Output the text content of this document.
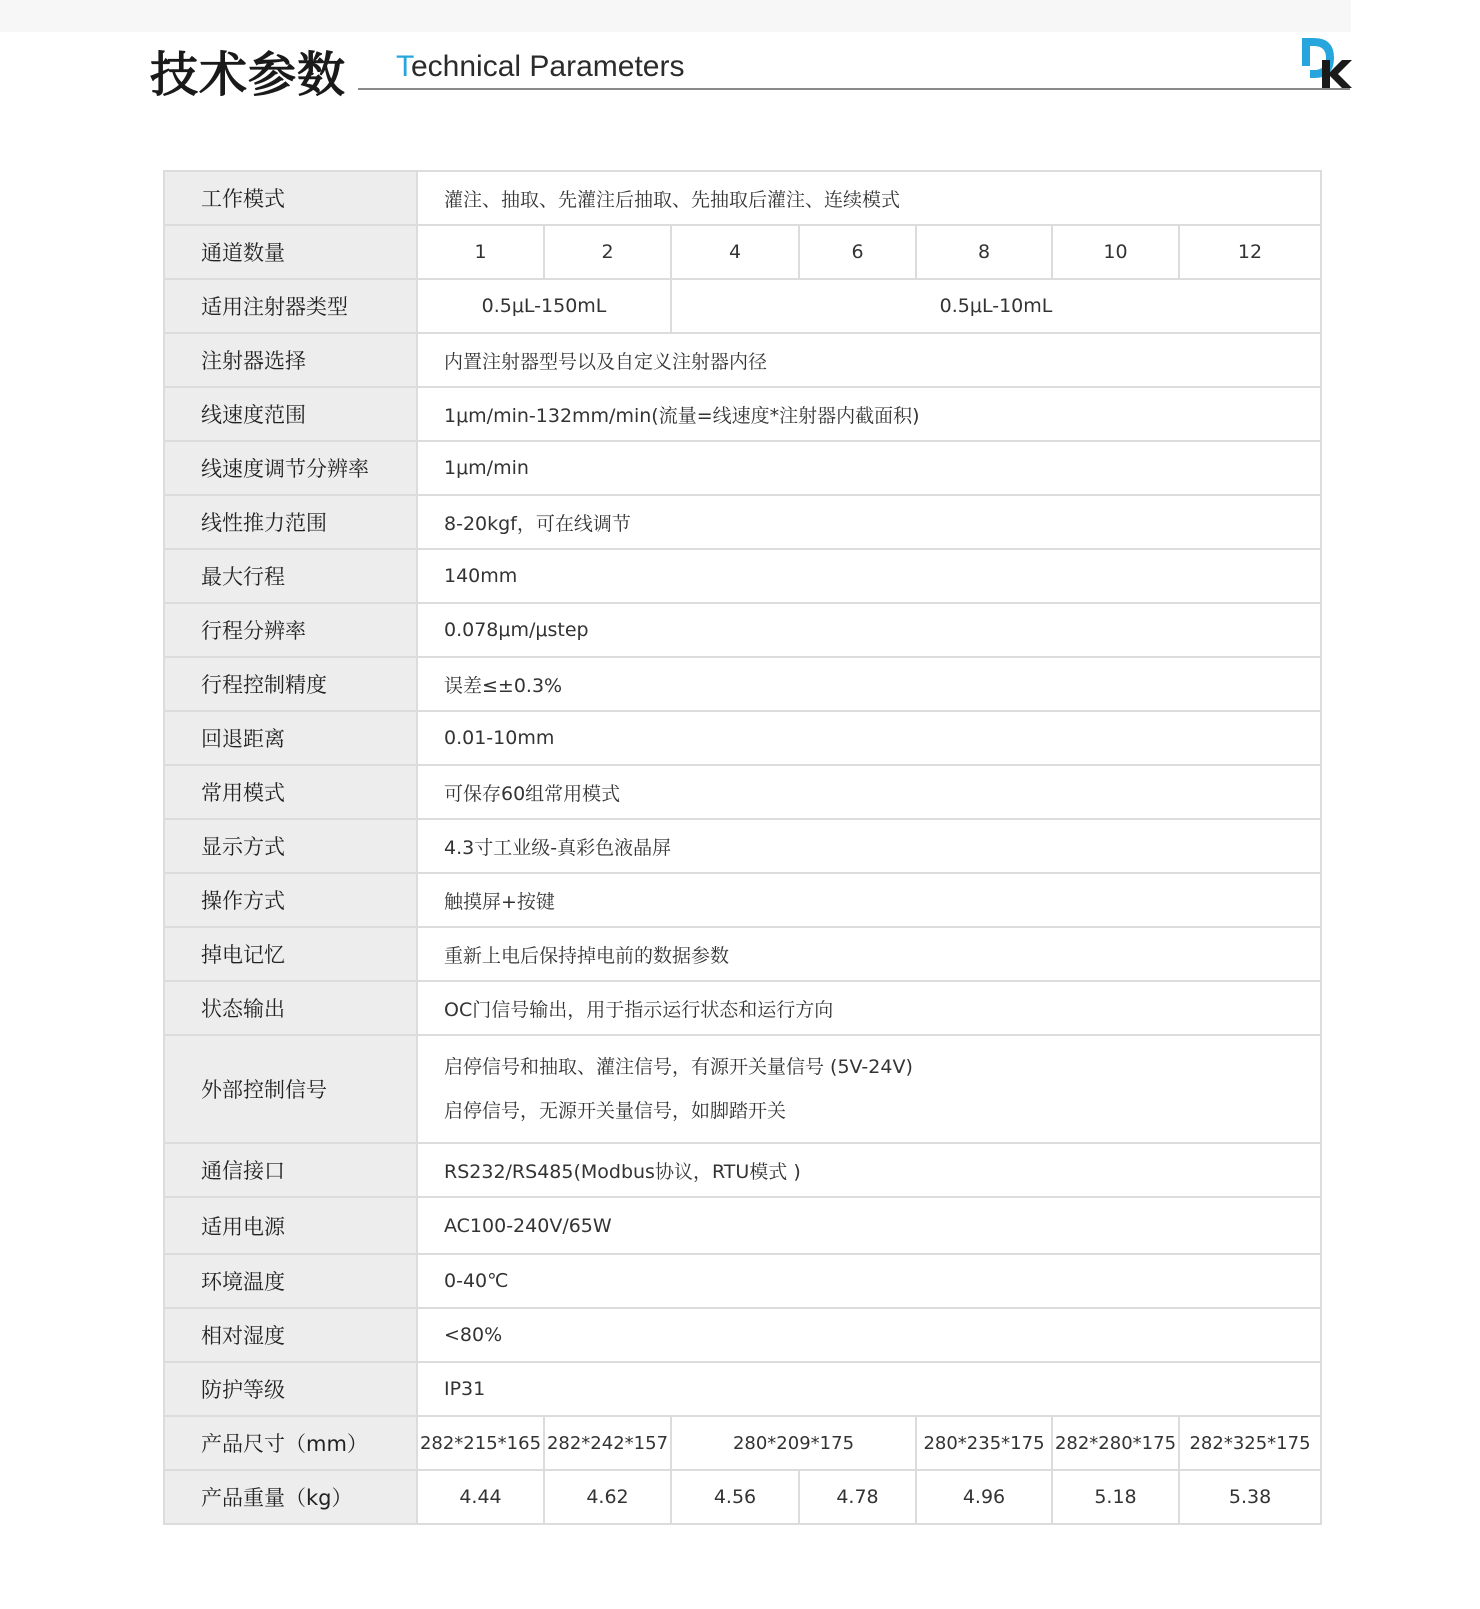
技术参数 Technical Parameters
工作模式	灌注、抽取、先灌注后抽取、先抽取后灌注、连续模式						
通道数量	1	2	4	6	8	10	12
适用注射器类型	0.5μL-150mL		0.5μL-10mL				
注射器选择	内置注射器型号以及自定义注射器内径						
线速度范围	1μm/min-132mm/min(流量=线速度*注射器内截面积)						
线速度调节分辨率	1μm/min						
线性推力范围	8-20kgf，可在线调节						
最大行程	140mm						
行程分辨率	0.078μm/μstep						
行程控制精度	误差≤±0.3%						
回退距离	0.01-10mm						
常用模式	可保存60组常用模式						
显示方式	4.3寸工业级-真彩色液晶屏						
操作方式	触摸屏+按键						
掉电记忆	重新上电后保持掉电前的数据参数						
状态输出	OC门信号输出，用于指示运行状态和运行方向						
外部控制信号	启停信号和抽取、灌注信号，有源开关量信号 (5V-24V)
启停信号，无源开关量信号，如脚踏开关						

通信接口	RS232/RS485(Modbus协议，RTU模式 )						
适用电源	AC100-240V/65W						
环境温度	0-40℃						
相对湿度	<80%						
防护等级	IP31						
产品尺寸（mm）	282*215*165	282*242*157	280*209*175		280*235*175	282*280*175	282*325*175
产品重量（kg）	4.44	4.62	4.56	4.78	4.96	5.18	5.38
